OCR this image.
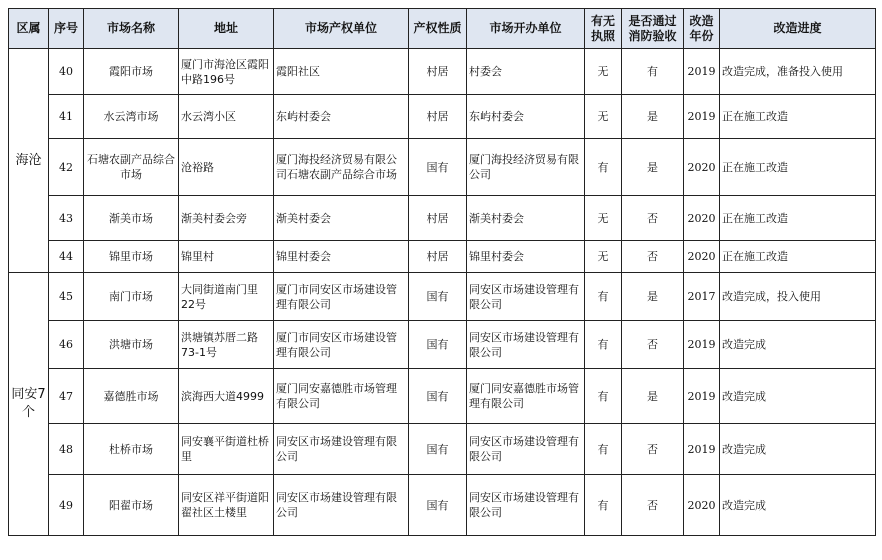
区属	序号	市场名称	地址	市场产权单位	产权性质	市场开办单位	有无执照	是否通过消防验收	改造年份	改造进度
海沧	40	霞阳市场	厦门市海沧区霞阳中路196号	霞阳社区	村居	村委会	无	有	2019	改造完成，准备投入使用
	41	水云湾市场	水云湾小区	东屿村委会	村居	东屿村委会	无	是	2019	正在施工改造
	42	石塘农副产品综合市场	沧裕路	厦门海投经济贸易有限公司石塘农副产品综合市场	国有	厦门海投经济贸易有限公司	有	是	2020	正在施工改造
	43	渐美市场	渐美村委会旁	渐美村委会	村居	渐美村委会	无	否	2020	正在施工改造
	44	锦里市场	锦里村	锦里村委会	村居	锦里村委会	无	否	2020	正在施工改造
同安7个	45	南门市场	大同街道南门里22号	厦门市同安区市场建设管理有限公司	国有	同安区市场建设管理有限公司	有	是	2017	改造完成，投入使用
	46	洪塘市场	洪塘镇苏厝二路73-1号	厦门市同安区市场建设管理有限公司	国有	同安区市场建设管理有限公司	有	否	2019	改造完成
	47	嘉德胜市场	滨海西大道4999	厦门同安嘉德胜市场管理有限公司	国有	厦门同安嘉德胜市场管理有限公司	有	是	2019	改造完成
	48	杜桥市场	同安襄平街道杜桥里	同安区市场建设管理有限公司	国有	同安区市场建设管理有限公司	有	否	2019	改造完成
	49	阳翟市场	同安区祥平街道阳翟社区土楼里	同安区市场建设管理有限公司	国有	同安区市场建设管理有限公司	有	否	2020	改造完成
